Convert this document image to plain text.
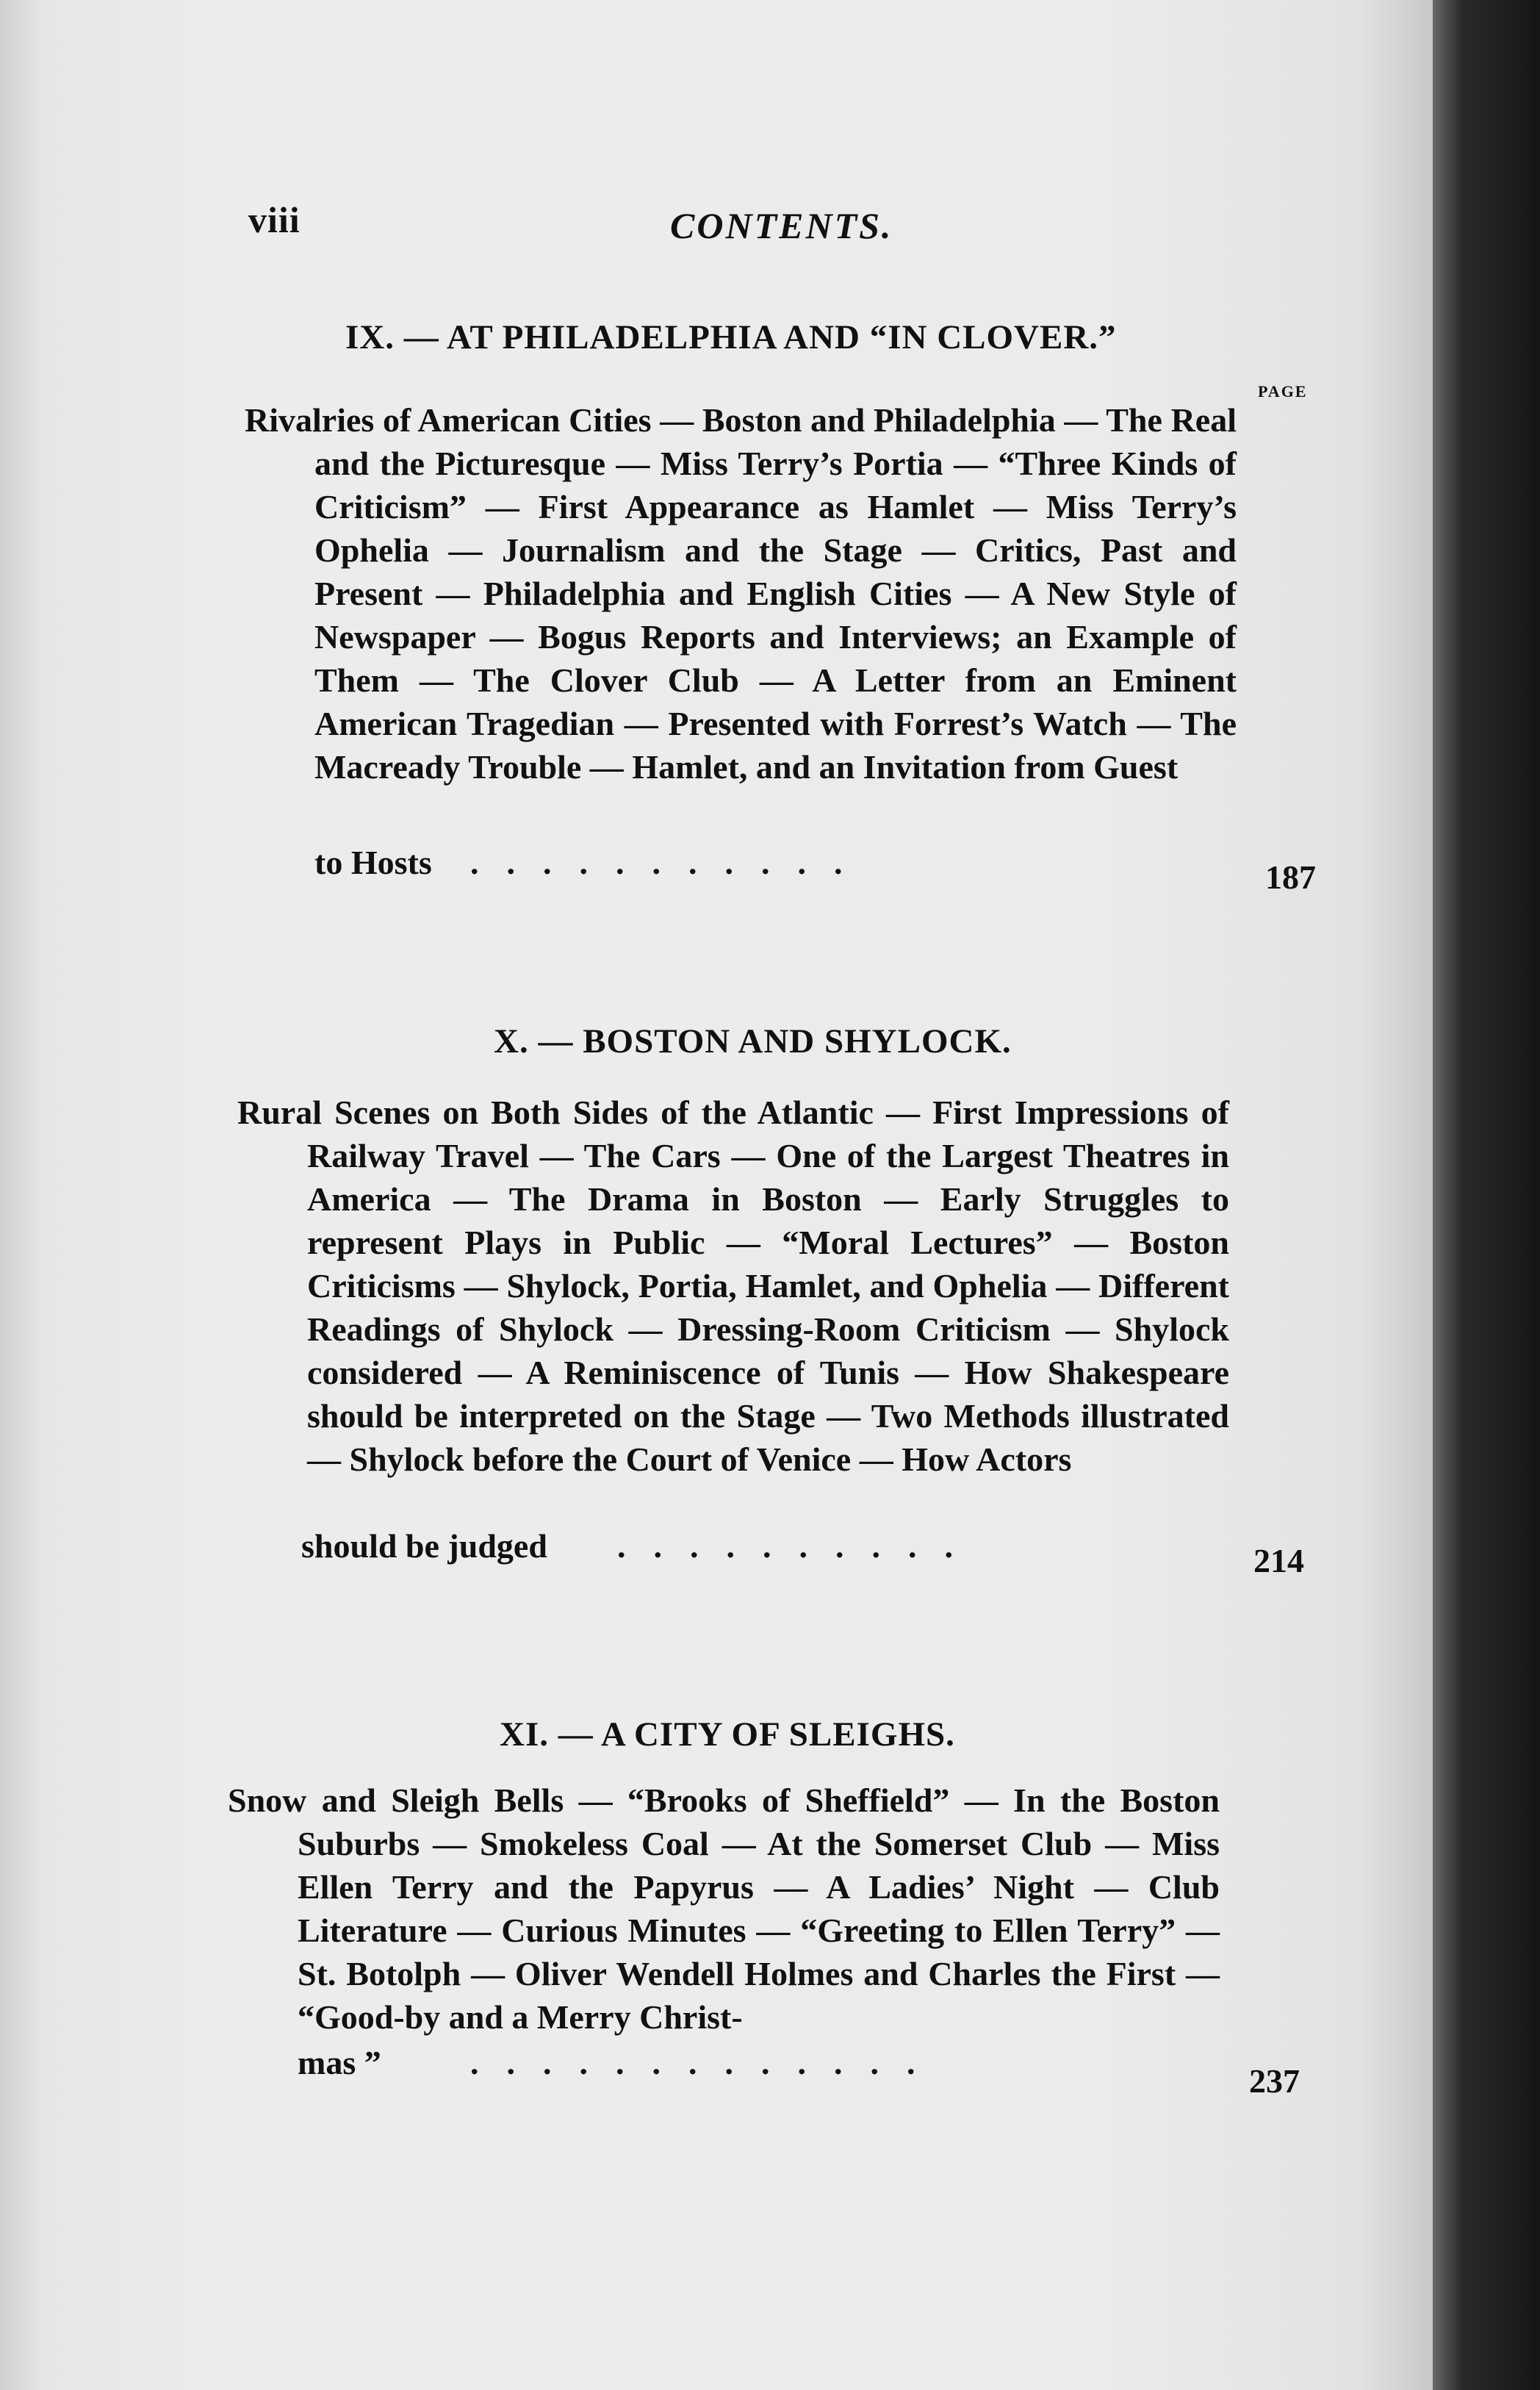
viii	CONTENTS.
IX. — AT PHILADELPHIA AND “IN CLOVER.”
PAGE
Rivalries of American Cities — Boston and Philadelphia — The Real and the Picturesque — Miss Terry’s Portia — “Three Kinds of Criticism” — First Appearance as Hamlet — Miss Terry’s Ophelia — Journalism and the Stage — Critics, Past and Present — Philadelphia and English Cities — A New Style of Newspaper — Bogus Reports and Interviews; an Example of Them — The Clover Club — A Letter from an Eminent American Tragedian — Presented with Forrest’s Watch — The Macready Trouble — Hamlet, and an Invitation from Guest
to Hosts ...........	187
X. — BOSTON AND SHYLOCK.
Rural Scenes on Both Sides of the Atlantic — First Impressions of Railway Travel — The Cars — One of the Largest Theatres in America — The Drama in Boston — Early Struggles to represent Plays in Public — “Moral Lectures” — Boston Criticisms — Shylock, Portia, Hamlet, and Ophelia — Different Readings of Shylock — Dressing-Room Criticism — Shylock considered — A Reminiscence of Tunis — How Shakespeare should be interpreted on the Stage — Two Methods illustrated — Shylock before the Court of Venice — How Actors
should be judged ..........	214
XI. — A CITY OF SLEIGHS.
Snow and Sleigh Bells — “Brooks of Sheffield” — In the Boston Suburbs — Smokeless Coal — At the Somerset Club — Miss Ellen Terry and the Papyrus — A Ladies’ Night — Club Literature — Curious Minutes — “Greeting to Ellen Terry” — St. Botolph — Oliver Wendell Holmes and Charles the First — “Good-by and a Merry Christ-
mas ”	.............	237
